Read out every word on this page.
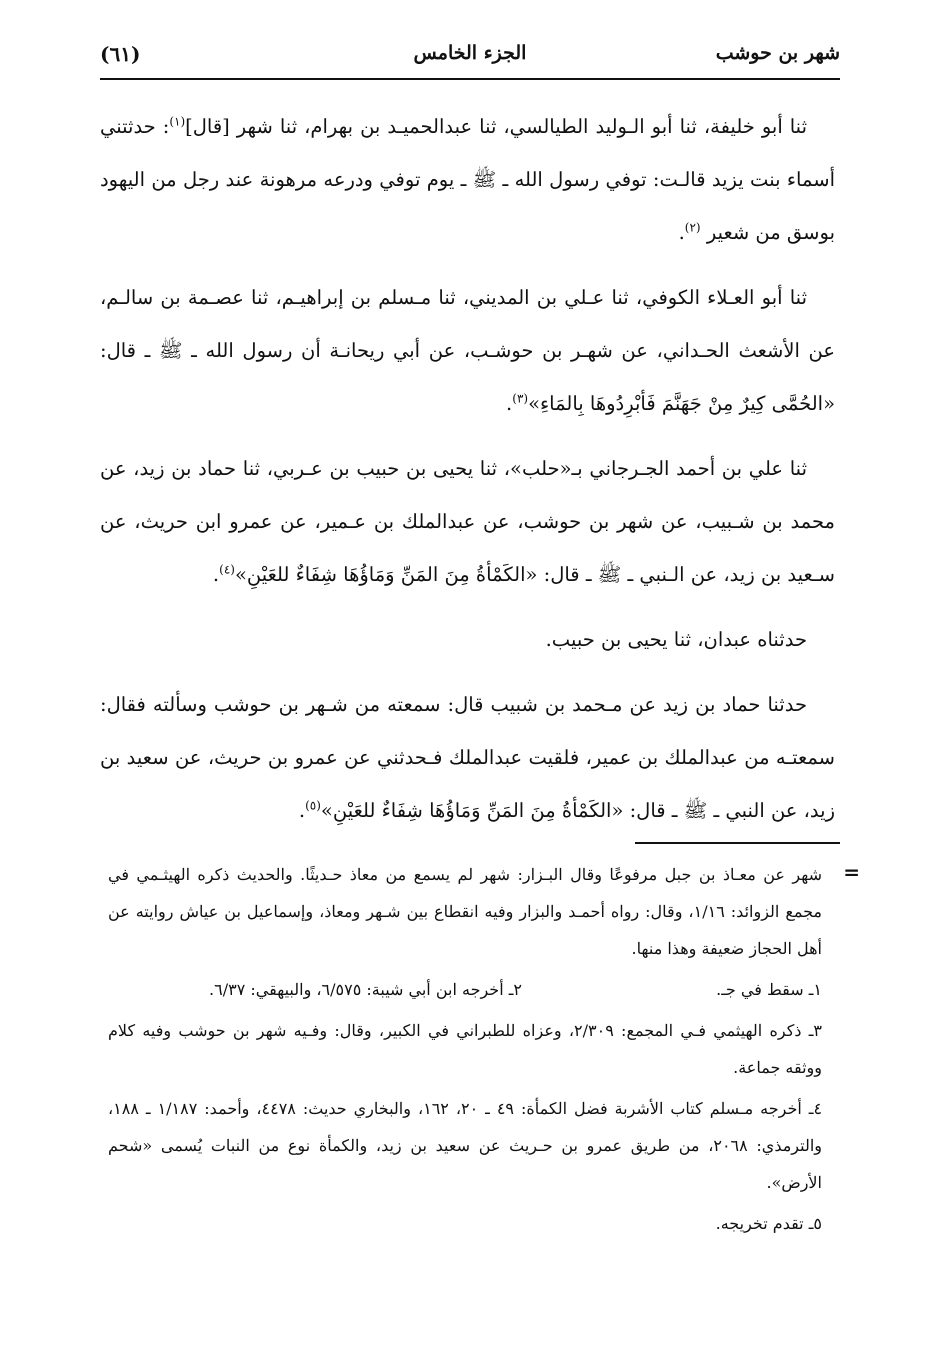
شهر بن حوشب
الجزء الخامس
(٦١)

ثنا أبو خليفة، ثنا أبو الـوليد الطيالسي، ثنا عبدالحميـد بن بهرام، ثنا شهر [قال]$^{(١)}$: حدثتني أسماء بنت يزيد قالـت: توفي رسول الله ـ ﷺ ـ يوم توفي ودرعه مرهونة عند رجل من اليهود بوسق من شعير $^{(٢)}$.

ثنا أبو العـلاء الكوفي، ثنا عـلي بن المديني، ثنا مـسلم بن إبراهيـم، ثنا عصـمة بن سالـم، عن الأشعث الحـداني، عن شهـر بن حوشـب، عن أبي ريحانـة أن رسول الله ـ ﷺ ـ قال: «الحُمَّى كِيرٌ مِنْ جَهَنَّمَ فَأبْرِدُوهَا بِالمَاءِ»$^{(٣)}$.

ثنا علي بن أحمد الجـرجاني بـ«حلب»، ثنا يحيى بن حبيب بن عـربي، ثنا حماد بن زيد، عن محمد بن شـبيب، عن شهر بن حوشب، عن عبدالملك بن عـمير، عن عمرو ابن حريث، عن سـعيد بن زيد، عن الـنبي ـ ﷺ ـ قال: «الكَمْأةُ مِنَ المَنِّ وَمَاؤُهَا شِفَاءٌ للعَيْنِ»$^{(٤)}$.

حدثناه عبدان، ثنا يحيى بن حبيب.

حدثنا حماد بن زيد عن مـحمد بن شبيب قال: سمعته من شـهر بن حوشب وسألته فقال: سمعتـه من عبدالملك بن عمير، فلقيت عبدالملك فـحدثني عن عمرو بن حريث، عن سعيد بن زيد، عن النبي ـ ﷺ ـ قال: «الكَمْأةُ مِنَ المَنِّ وَمَاؤُهَا شِفَاءٌ للعَيْنِ»$^{(٥)}$.

=

شهر عن معـاذ بن جبل مرفوعًا وقال البـزار: شهر لم يسمع من معاذ حـديثًا. والحديث ذكره الهيثـمي في مجمع الزوائد: ١/١٦، وقال: رواه أحمـد والبزار وفيه انقطاع بين شـهر ومعاذ، وإسماعيل بن عياش روايته عن أهل الحجاز ضعيفة وهذا منها.

١ـ سقط في جـ.
٢ـ أخرجه ابن أبي شيبة: ٦/٥٧٥، والبيهقي: ٦/٣٧.

٣ـ ذكره الهيثمي فـي المجمع: ٢/٣٠٩، وعزاه للطبراني في الكبير، وقال: وفـيه شهر بن حوشب وفيه كلام ووثقه جماعة.

٤ـ أخرجه مـسلم كتاب الأشربة فضل الكمأة: ٤٩ ـ ٢٠، ١٦٢، والبخاري حديث: ٤٤٧٨، وأحمد: ١/١٨٧ ـ ١٨٨، والترمذي: ٢٠٦٨، من طريق عمرو بن حـريث عن سعيد بن زيد، والكمأة نوع من النبات يُسمى «شحم الأرض».

٥ـ تقدم تخريجه.
